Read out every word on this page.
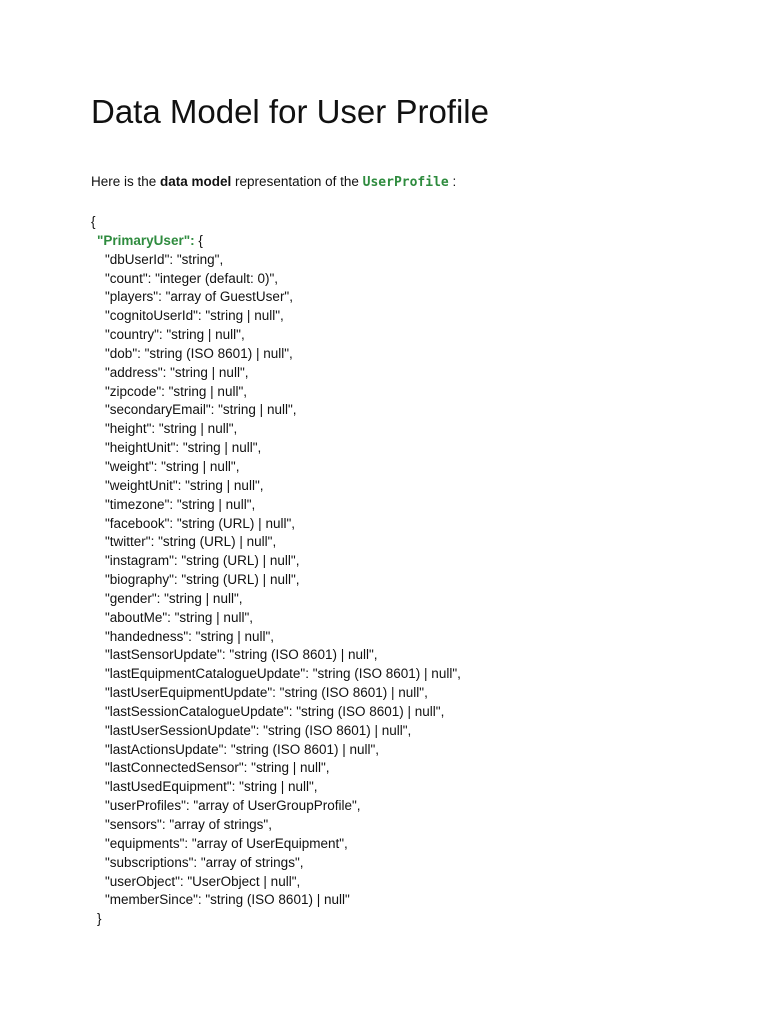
Data Model for User Profile
Here is the data model representation of the UserProfile :
{
"PrimaryUser": {
"dbUserId": "string",
"count": "integer (default: 0)",
"players": "array of GuestUser",
"cognitoUserId": "string | null",
"country": "string | null",
"dob": "string (ISO 8601) | null",
"address": "string | null",
"zipcode": "string | null",
"secondaryEmail": "string | null",
"height": "string | null",
"heightUnit": "string | null",
"weight": "string | null",
"weightUnit": "string | null",
"timezone": "string | null",
"facebook": "string (URL) | null",
"twitter": "string (URL) | null",
"instagram": "string (URL) | null",
"biography": "string (URL) | null",
"gender": "string | null",
"aboutMe": "string | null",
"handedness": "string | null",
"lastSensorUpdate": "string (ISO 8601) | null",
"lastEquipmentCatalogueUpdate": "string (ISO 8601) | null",
"lastUserEquipmentUpdate": "string (ISO 8601) | null",
"lastSessionCatalogueUpdate": "string (ISO 8601) | null",
"lastUserSessionUpdate": "string (ISO 8601) | null",
"lastActionsUpdate": "string (ISO 8601) | null",
"lastConnectedSensor": "string | null",
"lastUsedEquipment": "string | null",
"userProfiles": "array of UserGroupProfile",
"sensors": "array of strings",
"equipments": "array of UserEquipment",
"subscriptions": "array of strings",
"userObject": "UserObject | null",
"memberSince": "string (ISO 8601) | null"
}
